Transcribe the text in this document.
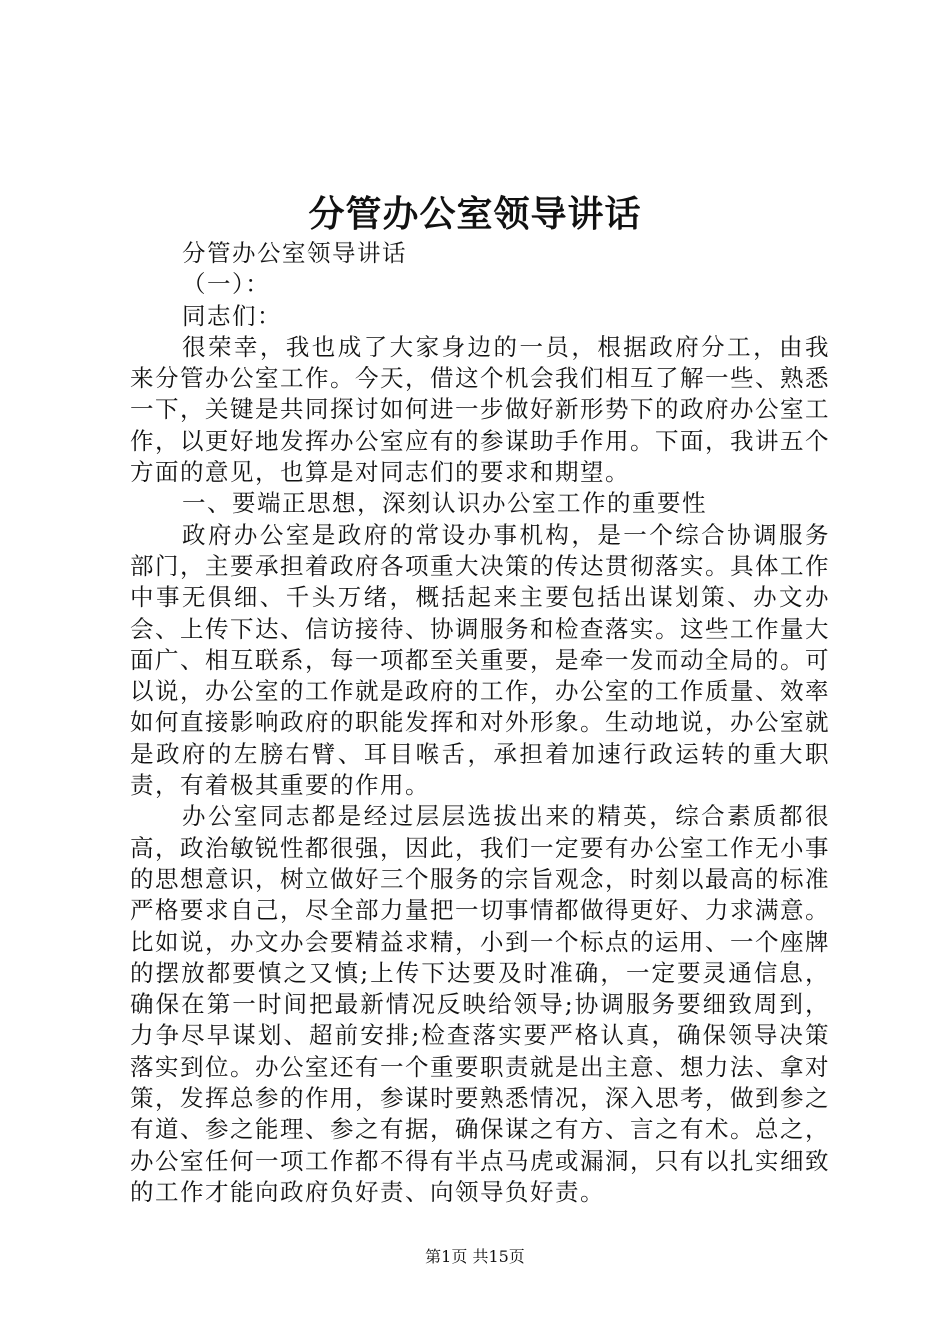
分管办公室领导讲话

分管办公室领导讲话

（一）：

同志们：

很荣幸，我也成了大家身边的一员，根据政府分工，由我来分管办公室工作。今天，借这个机会我们相互了解一些、熟悉一下，关键是共同探讨如何进一步做好新形势下的政府办公室工作，以更好地发挥办公室应有的参谋助手作用。下面，我讲五个方面的意见，也算是对同志们的要求和期望。

一、要端正思想，深刻认识办公室工作的重要性

政府办公室是政府的常设办事机构，是一个综合协调服务部门，主要承担着政府各项重大决策的传达贯彻落实。具体工作中事无俱细、千头万绪，概括起来主要包括出谋划策、办文办会、上传下达、信访接待、协调服务和检查落实。这些工作量大面广、相互联系，每一项都至关重要，是牵一发而动全局的。可以说，办公室的工作就是政府的工作，办公室的工作质量、效率如何直接影响政府的职能发挥和对外形象。生动地说，办公室就是政府的左膀右臂、耳目喉舌，承担着加速行政运转的重大职责，有着极其重要的作用。

办公室同志都是经过层层选拔出来的精英，综合素质都很高，政治敏锐性都很强，因此，我们一定要有办公室工作无小事的思想意识，树立做好三个服务的宗旨观念，时刻以最高的标准严格要求自己，尽全部力量把一切事情都做得更好、力求满意。比如说，办文办会要精益求精，小到一个标点的运用、一个座牌的摆放都要慎之又慎;上传下达要及时准确，一定要灵通信息，确保在第一时间把最新情况反映给领导;协调服务要细致周到，力争尽早谋划、超前安排;检查落实要严格认真，确保领导决策落实到位。办公室还有一个重要职责就是出主意、想力法、拿对策，发挥总参的作用，参谋时要熟悉情况，深入思考，做到参之有道、参之能理、参之有据，确保谋之有方、言之有术。总之，办公室任何一项工作都不得有半点马虎或漏洞，只有以扎实细致的工作才能向政府负好责、向领导负好责。

第1页 共15页
